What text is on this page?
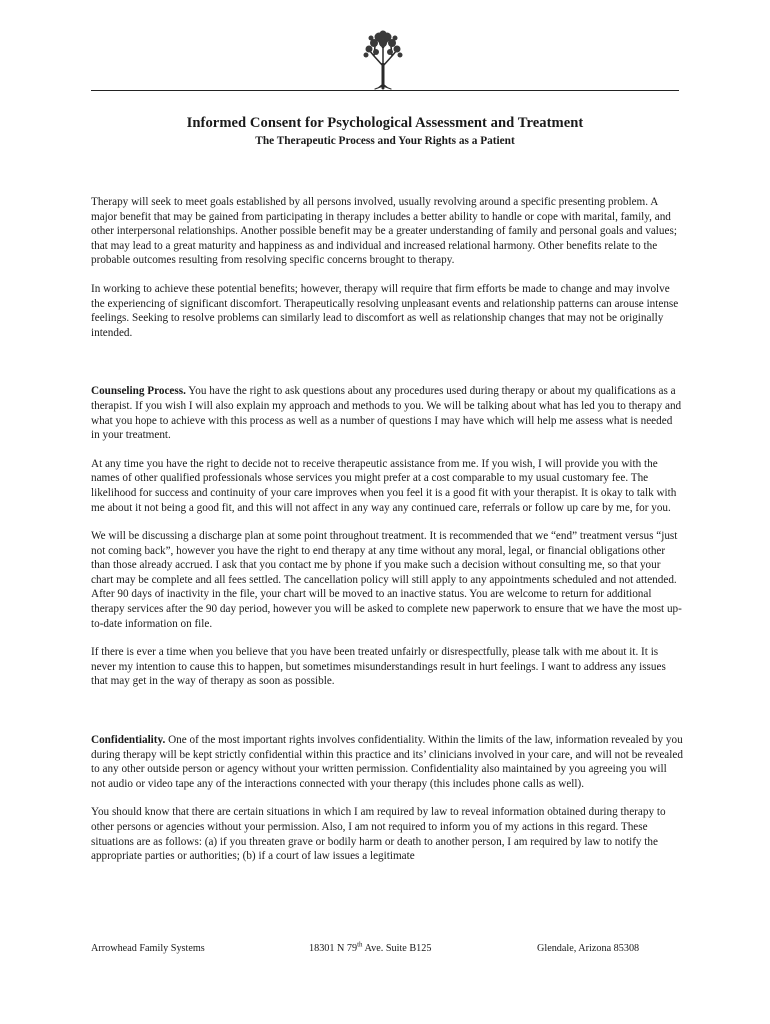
Informed Consent for Psychological Assessment and Treatment
The Therapeutic Process and Your Rights as a Patient

Therapy will seek to meet goals established by all persons involved, usually revolving around a specific presenting problem. A major benefit that may be gained from participating in therapy includes a better ability to handle or cope with marital, family, and other interpersonal relationships. Another possible benefit may be a greater understanding of family and personal goals and values; that may lead to a great maturity and happiness as and individual and increased relational harmony. Other benefits relate to the probable outcomes resulting from resolving specific concerns brought to therapy.

In working to achieve these potential benefits; however, therapy will require that firm efforts be made to change and may involve the experiencing of significant discomfort. Therapeutically resolving unpleasant events and relationship patterns can arouse intense feelings. Seeking to resolve problems can similarly lead to discomfort as well as relationship changes that may not be originally intended.

Counseling Process. You have the right to ask questions about any procedures used during therapy or about my qualifications as a therapist. If you wish I will also explain my approach and methods to you. We will be talking about what has led you to therapy and what you hope to achieve with this process as well as a number of questions I may have which will help me assess what is needed in your treatment.

At any time you have the right to decide not to receive therapeutic assistance from me. If you wish, I will provide you with the names of other qualified professionals whose services you might prefer at a cost comparable to my usual customary fee. The likelihood for success and continuity of your care improves when you feel it is a good fit with your therapist. It is okay to talk with me about it not being a good fit, and this will not affect in any way any continued care, referrals or follow up care by me, for you.

We will be discussing a discharge plan at some point throughout treatment. It is recommended that we “end” treatment versus “just not coming back”, however you have the right to end therapy at any time without any moral, legal, or financial obligations other than those already accrued. I ask that you contact me by phone if you make such a decision without consulting me, so that your chart may be complete and all fees settled. The cancellation policy will still apply to any appointments scheduled and not attended. After 90 days of inactivity in the file, your chart will be moved to an inactive status. You are welcome to return for additional therapy services after the 90 day period, however you will be asked to complete new paperwork to ensure that we have the most up-to-date information on file.

If there is ever a time when you believe that you have been treated unfairly or disrespectfully, please talk with me about it. It is never my intention to cause this to happen, but sometimes misunderstandings result in hurt feelings. I want to address any issues that may get in the way of therapy as soon as possible.

Confidentiality. One of the most important rights involves confidentiality. Within the limits of the law, information revealed by you during therapy will be kept strictly confidential within this practice and its’ clinicians involved in your care, and will not be revealed to any other outside person or agency without your written permission. Confidentiality also maintained by you agreeing you will not audio or video tape any of the interactions connected with your therapy (this includes phone calls as well).

You should know that there are certain situations in which I am required by law to reveal information obtained during therapy to other persons or agencies without your permission. Also, I am not required to inform you of my actions in this regard. These situations are as follows: (a) if you threaten grave or bodily harm or death to another person, I am required by law to notify the appropriate parties or authorities; (b) if a court of law issues a legitimate

Arrowhead Family Systems	18301 N 79th Ave. Suite B125	Glendale, Arizona 85308
